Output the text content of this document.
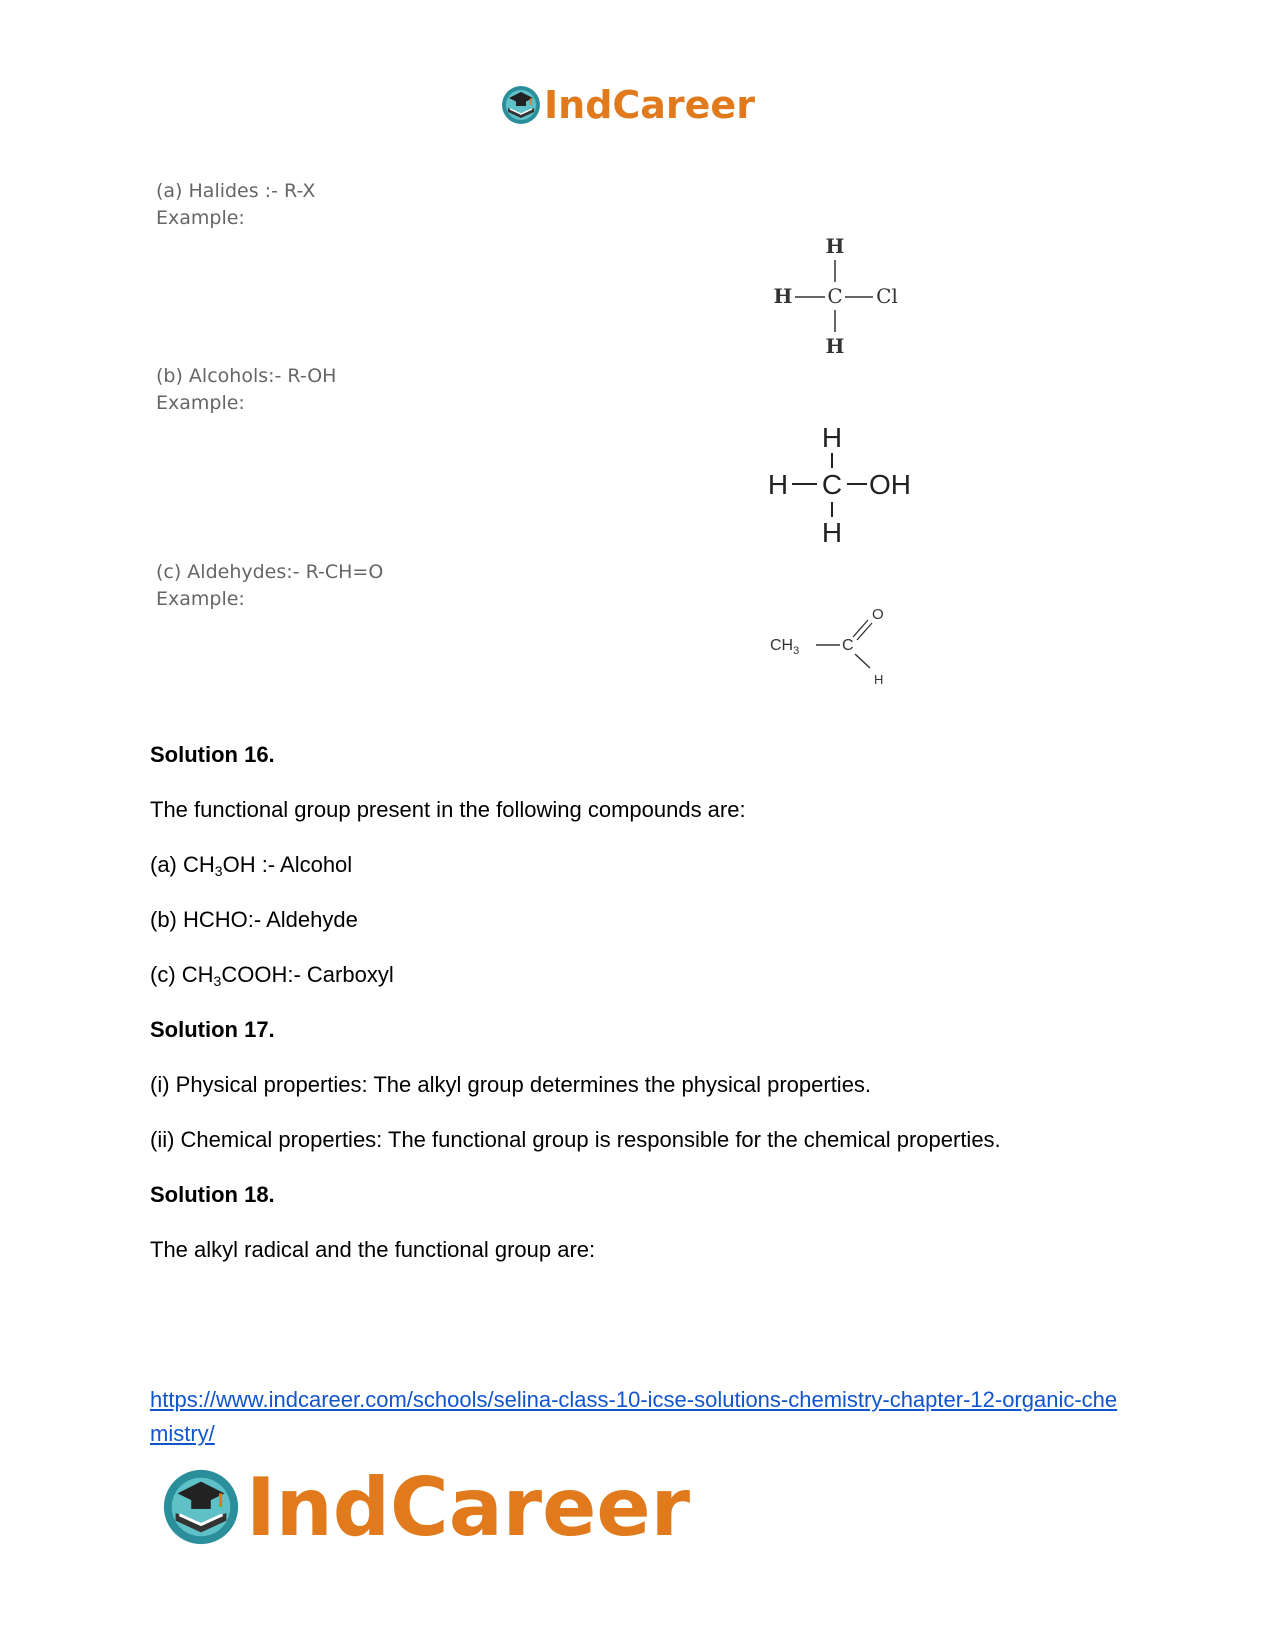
IndCareer
(a) Halides :- R-X
Example:
(b) Alcohols:- R-OH
Example:
(c) Aldehydes:- R-CH=O
Example:
H
H C Cl
H
H
H C OH
H
$CH_3$	C
O
H
Solution 16.
The functional group present in the following compounds are:
(a) $CH_3OH$ :- Alcohol
(b) HCHO:- Aldehyde
(c) $CH_3COOH:-$ Carboxyl
Solution 17.
(i) Physical properties: The alkyl group determines the physical properties.
(ii) Chemical properties: The functional group is responsible for the chemical properties.
Solution 18.
The alkyl radical and the functional group are:
https://www.indcareer.com/schools/selina-class-10-icse-solutions-chemistry-chapter-12-organic-chemistry/
IndCareer
